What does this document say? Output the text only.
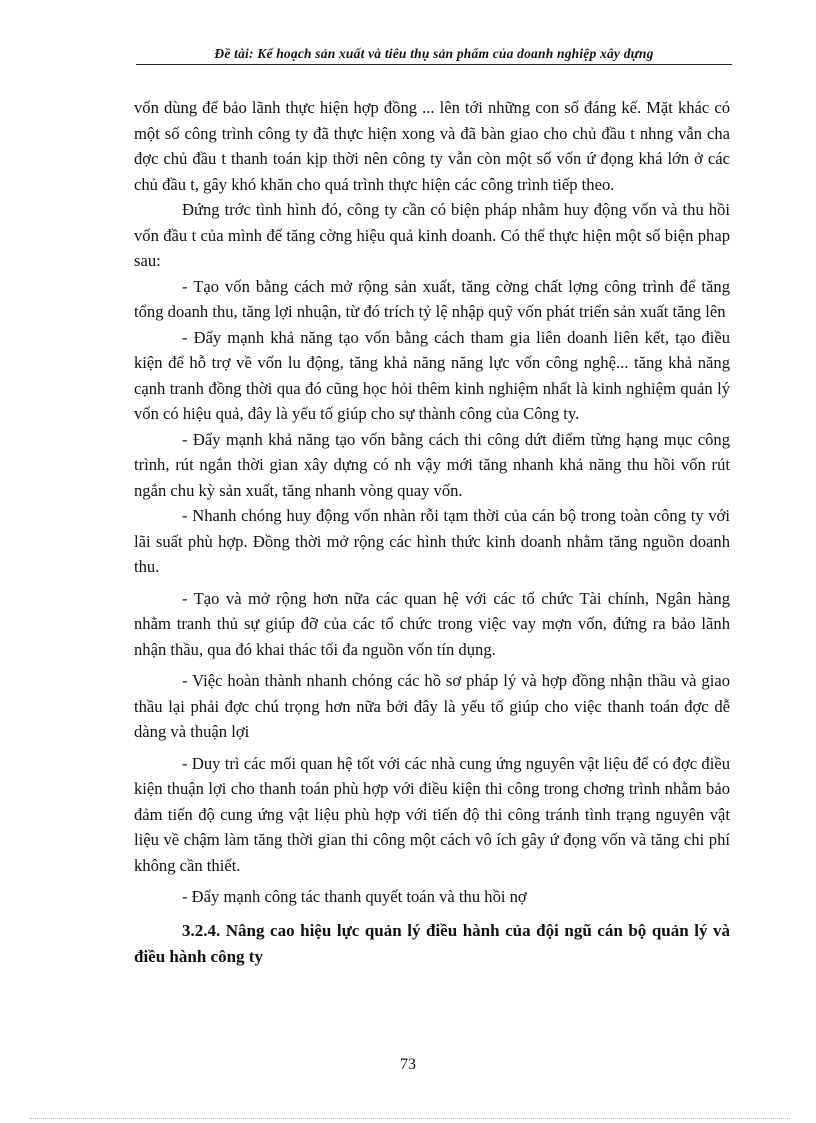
Đề tài: Kế hoạch sản xuất và tiêu thụ sản phẩm của doanh nghiệp xây dựng

vốn dùng để bảo lãnh thực hiện hợp đồng ... lên tới những con số đáng kể. Mặt khác có một số công trình công ty đã thực hiện xong và đã bàn giao cho chủ đầu t nhng vẫn cha đợc chủ đầu t thanh toán kịp thời nên công ty vẫn còn một số vốn ứ đọng khá lớn ở các chủ đầu t, gây khó khăn cho quá trình thực hiện các công trình tiếp theo.

Đứng trớc tình hình đó, công ty cần có biện pháp nhằm huy động vốn và thu hồi vốn đầu t của mình để tăng cờng hiệu quả kinh doanh. Có thể thực hiện một số biện phap sau:

- Tạo vốn bằng cách mở rộng sản xuất, tăng cờng chất lợng công trình để tăng tổng doanh thu, tăng lợi nhuận, từ đó trích tỷ lệ nhập quỹ vốn phát triển sản xuất tăng lên

- Đẩy mạnh khả năng tạo vốn bằng cách tham gia liên doanh liên kết, tạo điều kiện để hỗ trợ về vốn lu động, tăng khả năng năng lực vốn công nghệ... tăng khả năng cạnh tranh đồng thời qua đó cũng học hỏi thêm kinh nghiệm nhất là kinh nghiệm quản lý vốn có hiệu quả, đây là yếu tố giúp cho sự thành công của Công ty.

- Đẩy mạnh khả năng tạo vốn bằng cách thi công dứt điểm từng hạng mục công trình, rút ngắn thời gian xây dựng có nh vậy mới tăng nhanh khả năng thu hồi vốn rút ngắn chu kỳ sản xuất, tăng nhanh vòng quay vốn.

- Nhanh chóng huy động vốn nhàn rỗi tạm thời của cán bộ trong toàn công ty với lãi suất phù hợp. Đồng thời mở rộng các hình thức kinh doanh nhằm tăng nguồn doanh thu.

- Tạo và mở rộng hơn nữa các quan hệ với các tổ chức Tài chính, Ngân hàng nhằm tranh thủ sự giúp đỡ của các tổ chức trong việc vay mợn vốn, đứng ra bảo lãnh nhận thầu, qua đó khai thác tối đa nguồn vốn tín dụng.

- Việc hoàn thành nhanh chóng các hồ sơ pháp lý và hợp đồng nhận thầu và giao thầu lại phải đợc chú trọng hơn nữa bởi đây là yếu tố giúp cho việc thanh toán đợc dễ dàng và thuận lợi

- Duy trì các mối quan hệ tốt với các nhà cung ứng nguyên vật liệu để có đợc điều kiện thuận lợi cho thanh toán phù hợp với điều kiện thi công trong chơng trình nhằm bảo đảm tiến độ cung ứng vật liệu phù hợp với tiến độ thi công tránh tình trạng nguyên vật liệu về chậm làm tăng thời gian thi công một cách vô ích gây ứ đọng vốn và tăng chi phí không cần thiết.

- Đẩy mạnh công tác thanh quyết toán và thu hồi nợ

3.2.4. Nâng cao hiệu lực quản lý điều hành của đội ngũ cán bộ quản lý và điều hành công ty

73
